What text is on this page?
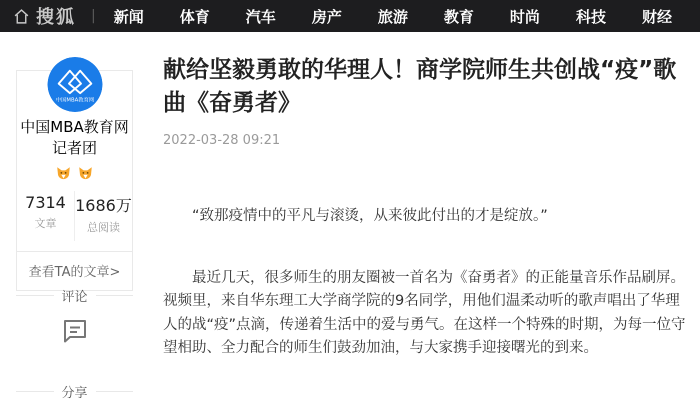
搜狐 | 新闻 体育 汽车 房产 旅游 教育 时尚 科技 财经
中国MBA教育网
中国MBA教育网记者团
7314
文章
1686万
总阅读
查看TA的文章>
评论
分享
献给坚毅勇敢的华理人！商学院师生共创战“疫”歌曲《奋勇者》
2022-03-28 09:21

“致那疫情中的平凡与滚烫，从来彼此付出的才是绽放。”

最近几天，很多师生的朋友圈被一首名为《奋勇者》的正能量音乐作品刷屏。视频里，来自华东理工大学商学院的9名同学，用他们温柔动听的歌声唱出了华理人的战“疫”点滴，传递着生活中的爱与勇气。在这样一个特殊的时期，为每一位守望相助、全力配合的师生们鼓劲加油，与大家携手迎接曙光的到来。
